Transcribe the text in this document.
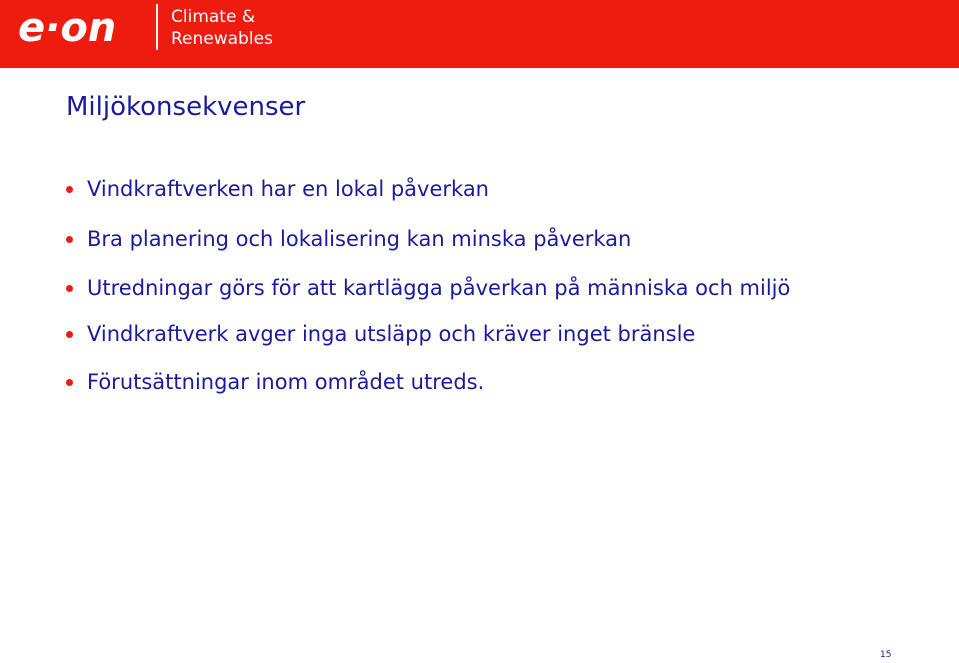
e·on	Climate &
Renewables
Miljökonsekvenser
Vindkraftverken har en lokal påverkan
Bra planering och lokalisering kan minska påverkan
Utredningar görs för att kartlägga påverkan på människa och miljö
Vindkraftverk avger inga utsläpp och kräver inget bränsle
Förutsättningar inom området utreds.
15
